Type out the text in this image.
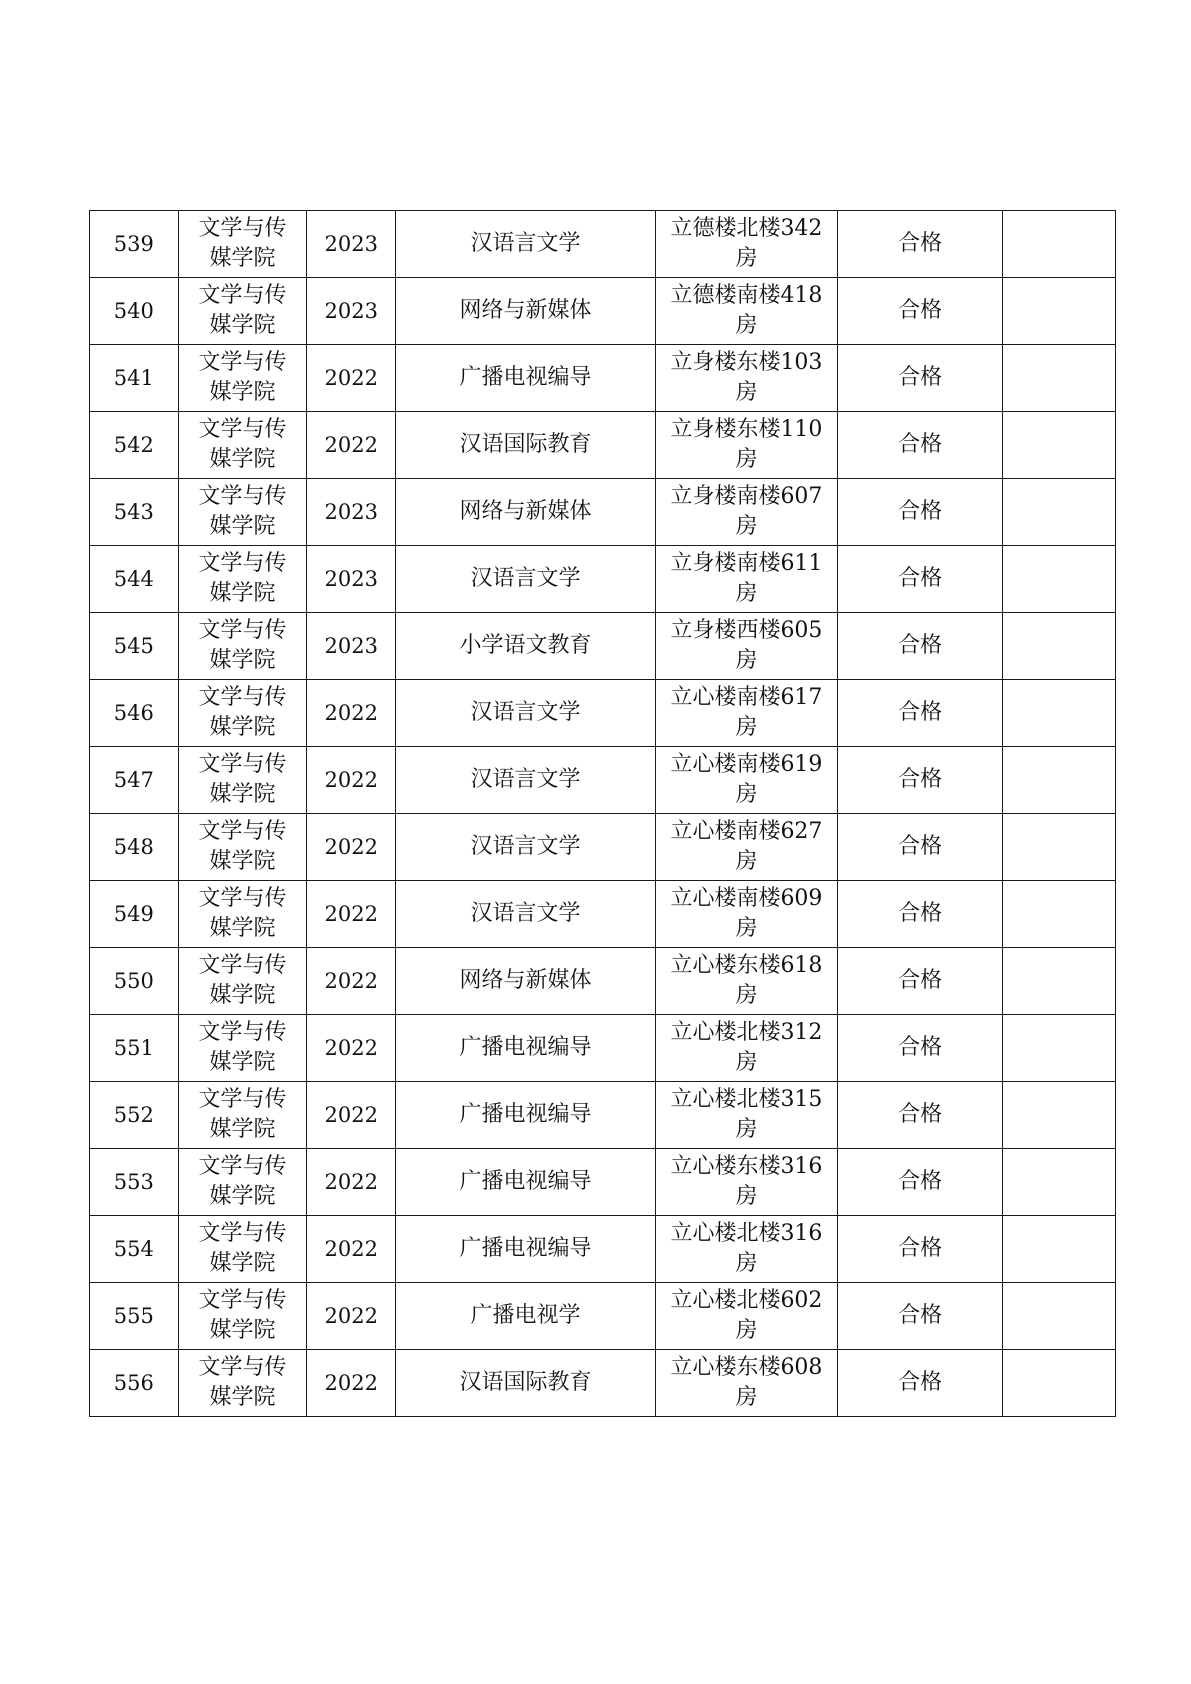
539	文学与传媒学院	2023	汉语言文学	立德楼北楼342房	合格	
540	文学与传媒学院	2023	网络与新媒体	立德楼南楼418房	合格	
541	文学与传媒学院	2022	广播电视编导	立身楼东楼103房	合格	
542	文学与传媒学院	2022	汉语国际教育	立身楼东楼110房	合格	
543	文学与传媒学院	2023	网络与新媒体	立身楼南楼607房	合格	
544	文学与传媒学院	2023	汉语言文学	立身楼南楼611房	合格	
545	文学与传媒学院	2023	小学语文教育	立身楼西楼605房	合格	
546	文学与传媒学院	2022	汉语言文学	立心楼南楼617房	合格	
547	文学与传媒学院	2022	汉语言文学	立心楼南楼619房	合格	
548	文学与传媒学院	2022	汉语言文学	立心楼南楼627房	合格	
549	文学与传媒学院	2022	汉语言文学	立心楼南楼609房	合格	
550	文学与传媒学院	2022	网络与新媒体	立心楼东楼618房	合格	
551	文学与传媒学院	2022	广播电视编导	立心楼北楼312房	合格	
552	文学与传媒学院	2022	广播电视编导	立心楼北楼315房	合格	
553	文学与传媒学院	2022	广播电视编导	立心楼东楼316房	合格	
554	文学与传媒学院	2022	广播电视编导	立心楼北楼316房	合格	
555	文学与传媒学院	2022	广播电视学	立心楼北楼602房	合格	
556	文学与传媒学院	2022	汉语国际教育	立心楼东楼608房	合格	
